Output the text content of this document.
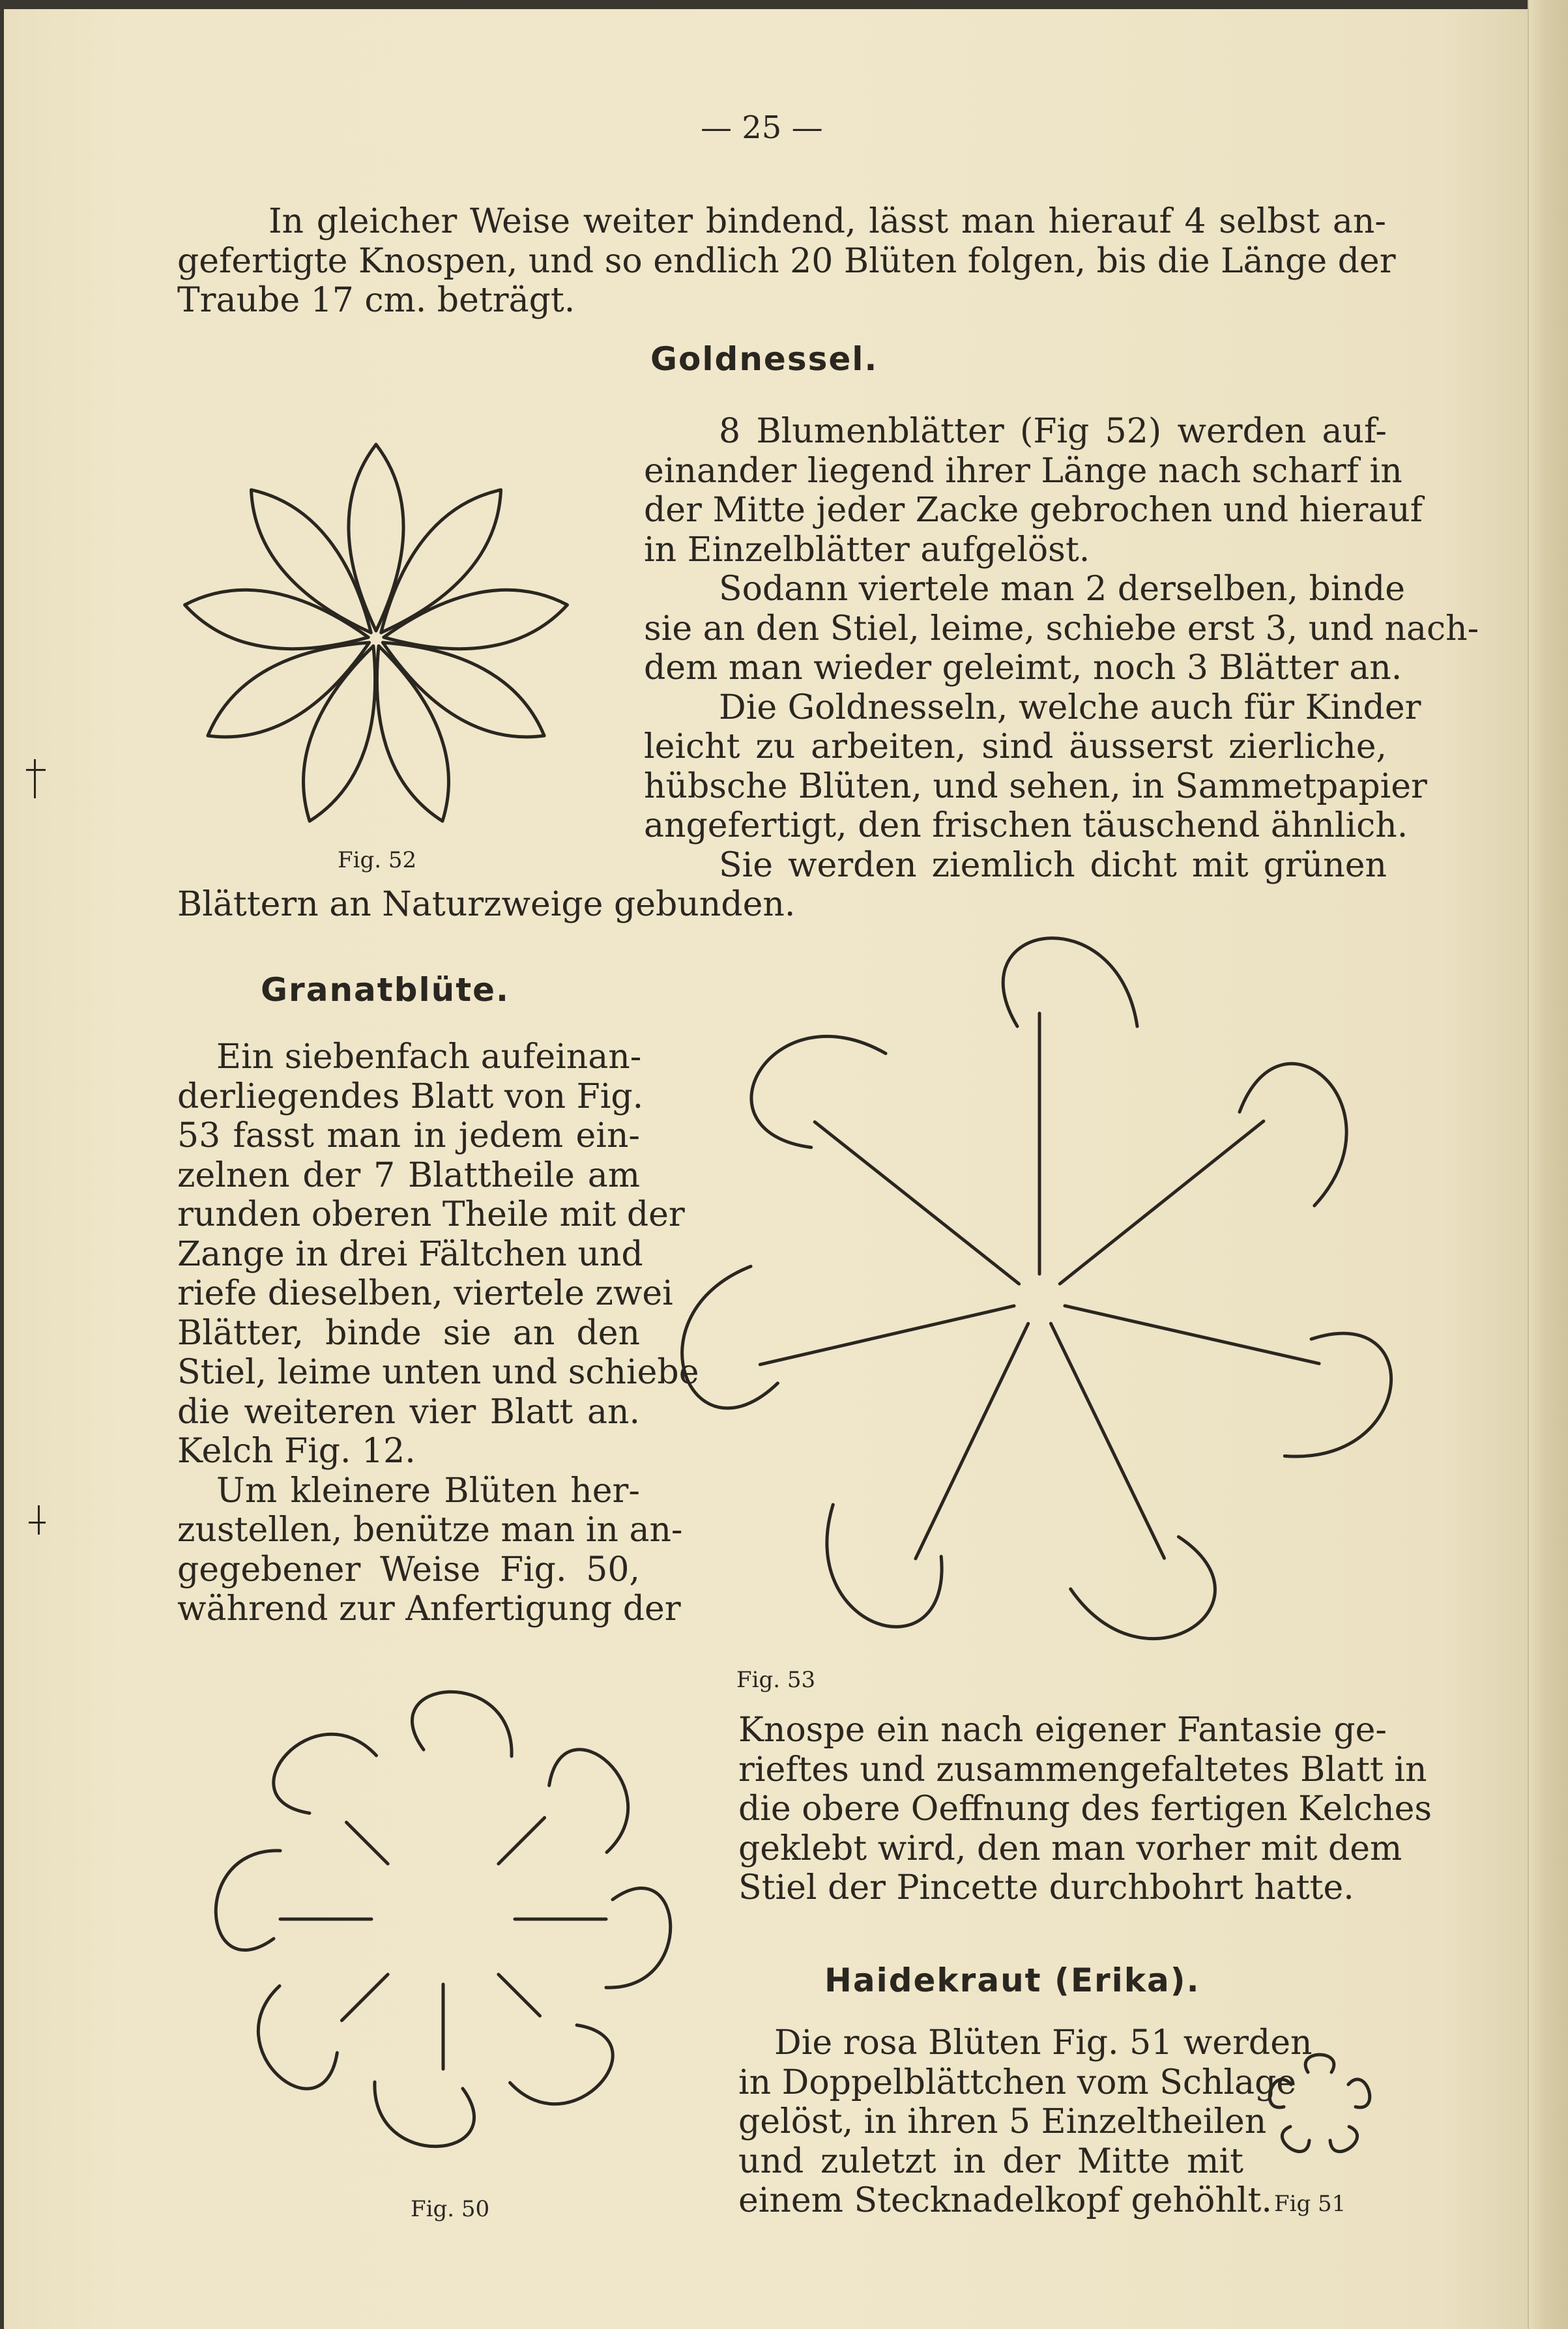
— 25 —
In gleicher Weise weiter bindend, lässt man hierauf 4 selbst an-
gefertigte Knospen, und so endlich 20 Blüten folgen, bis die Länge der
Traube 17 cm. beträgt.
Goldnessel.
8 Blumenblätter (Fig 52) werden auf-
einander liegend ihrer Länge nach scharf in
der Mitte jeder Zacke gebrochen und hierauf
in Einzelblätter aufgelöst.
Sodann viertele man 2 derselben, binde
sie an den Stiel, leime, schiebe erst 3, und nach-
dem man wieder geleimt, noch 3 Blätter an.
Die Goldnesseln, welche auch für Kinder
leicht zu arbeiten, sind äusserst zierliche,
hübsche Blüten, und sehen, in Sammetpapier
angefertigt, den frischen täuschend ähnlich.
Sie werden ziemlich dicht mit grünen
Blättern an Naturzweige gebunden.
Fig. 52
Granatblüte.
Ein siebenfach aufeinan-
derliegendes Blatt von Fig.
53 fasst man in jedem ein-
zelnen der 7 Blattheile am
runden oberen Theile mit der
Zange in drei Fältchen und
riefe dieselben, viertele zwei
Blätter, binde sie an den
Stiel, leime unten und schiebe
die weiteren vier Blatt an.
Kelch Fig. 12.
Um kleinere Blüten her-
zustellen, benütze man in an-
gegebener Weise Fig. 50,
während zur Anfertigung der
Fig. 53
Knospe ein nach eigener Fantasie ge-
rieftes und zusammengefaltetes Blatt in
die obere Oeffnung des fertigen Kelches
geklebt wird, den man vorher mit dem
Stiel der Pincette durchbohrt hatte.
Haidekraut (Erika).
Die rosa Blüten Fig. 51 werden
in Doppelblättchen vom Schlage
gelöst, in ihren 5 Einzeltheilen
und zuletzt in der Mitte mit
einem Stecknadelkopf gehöhlt.
Fig. 50	Fig 51
